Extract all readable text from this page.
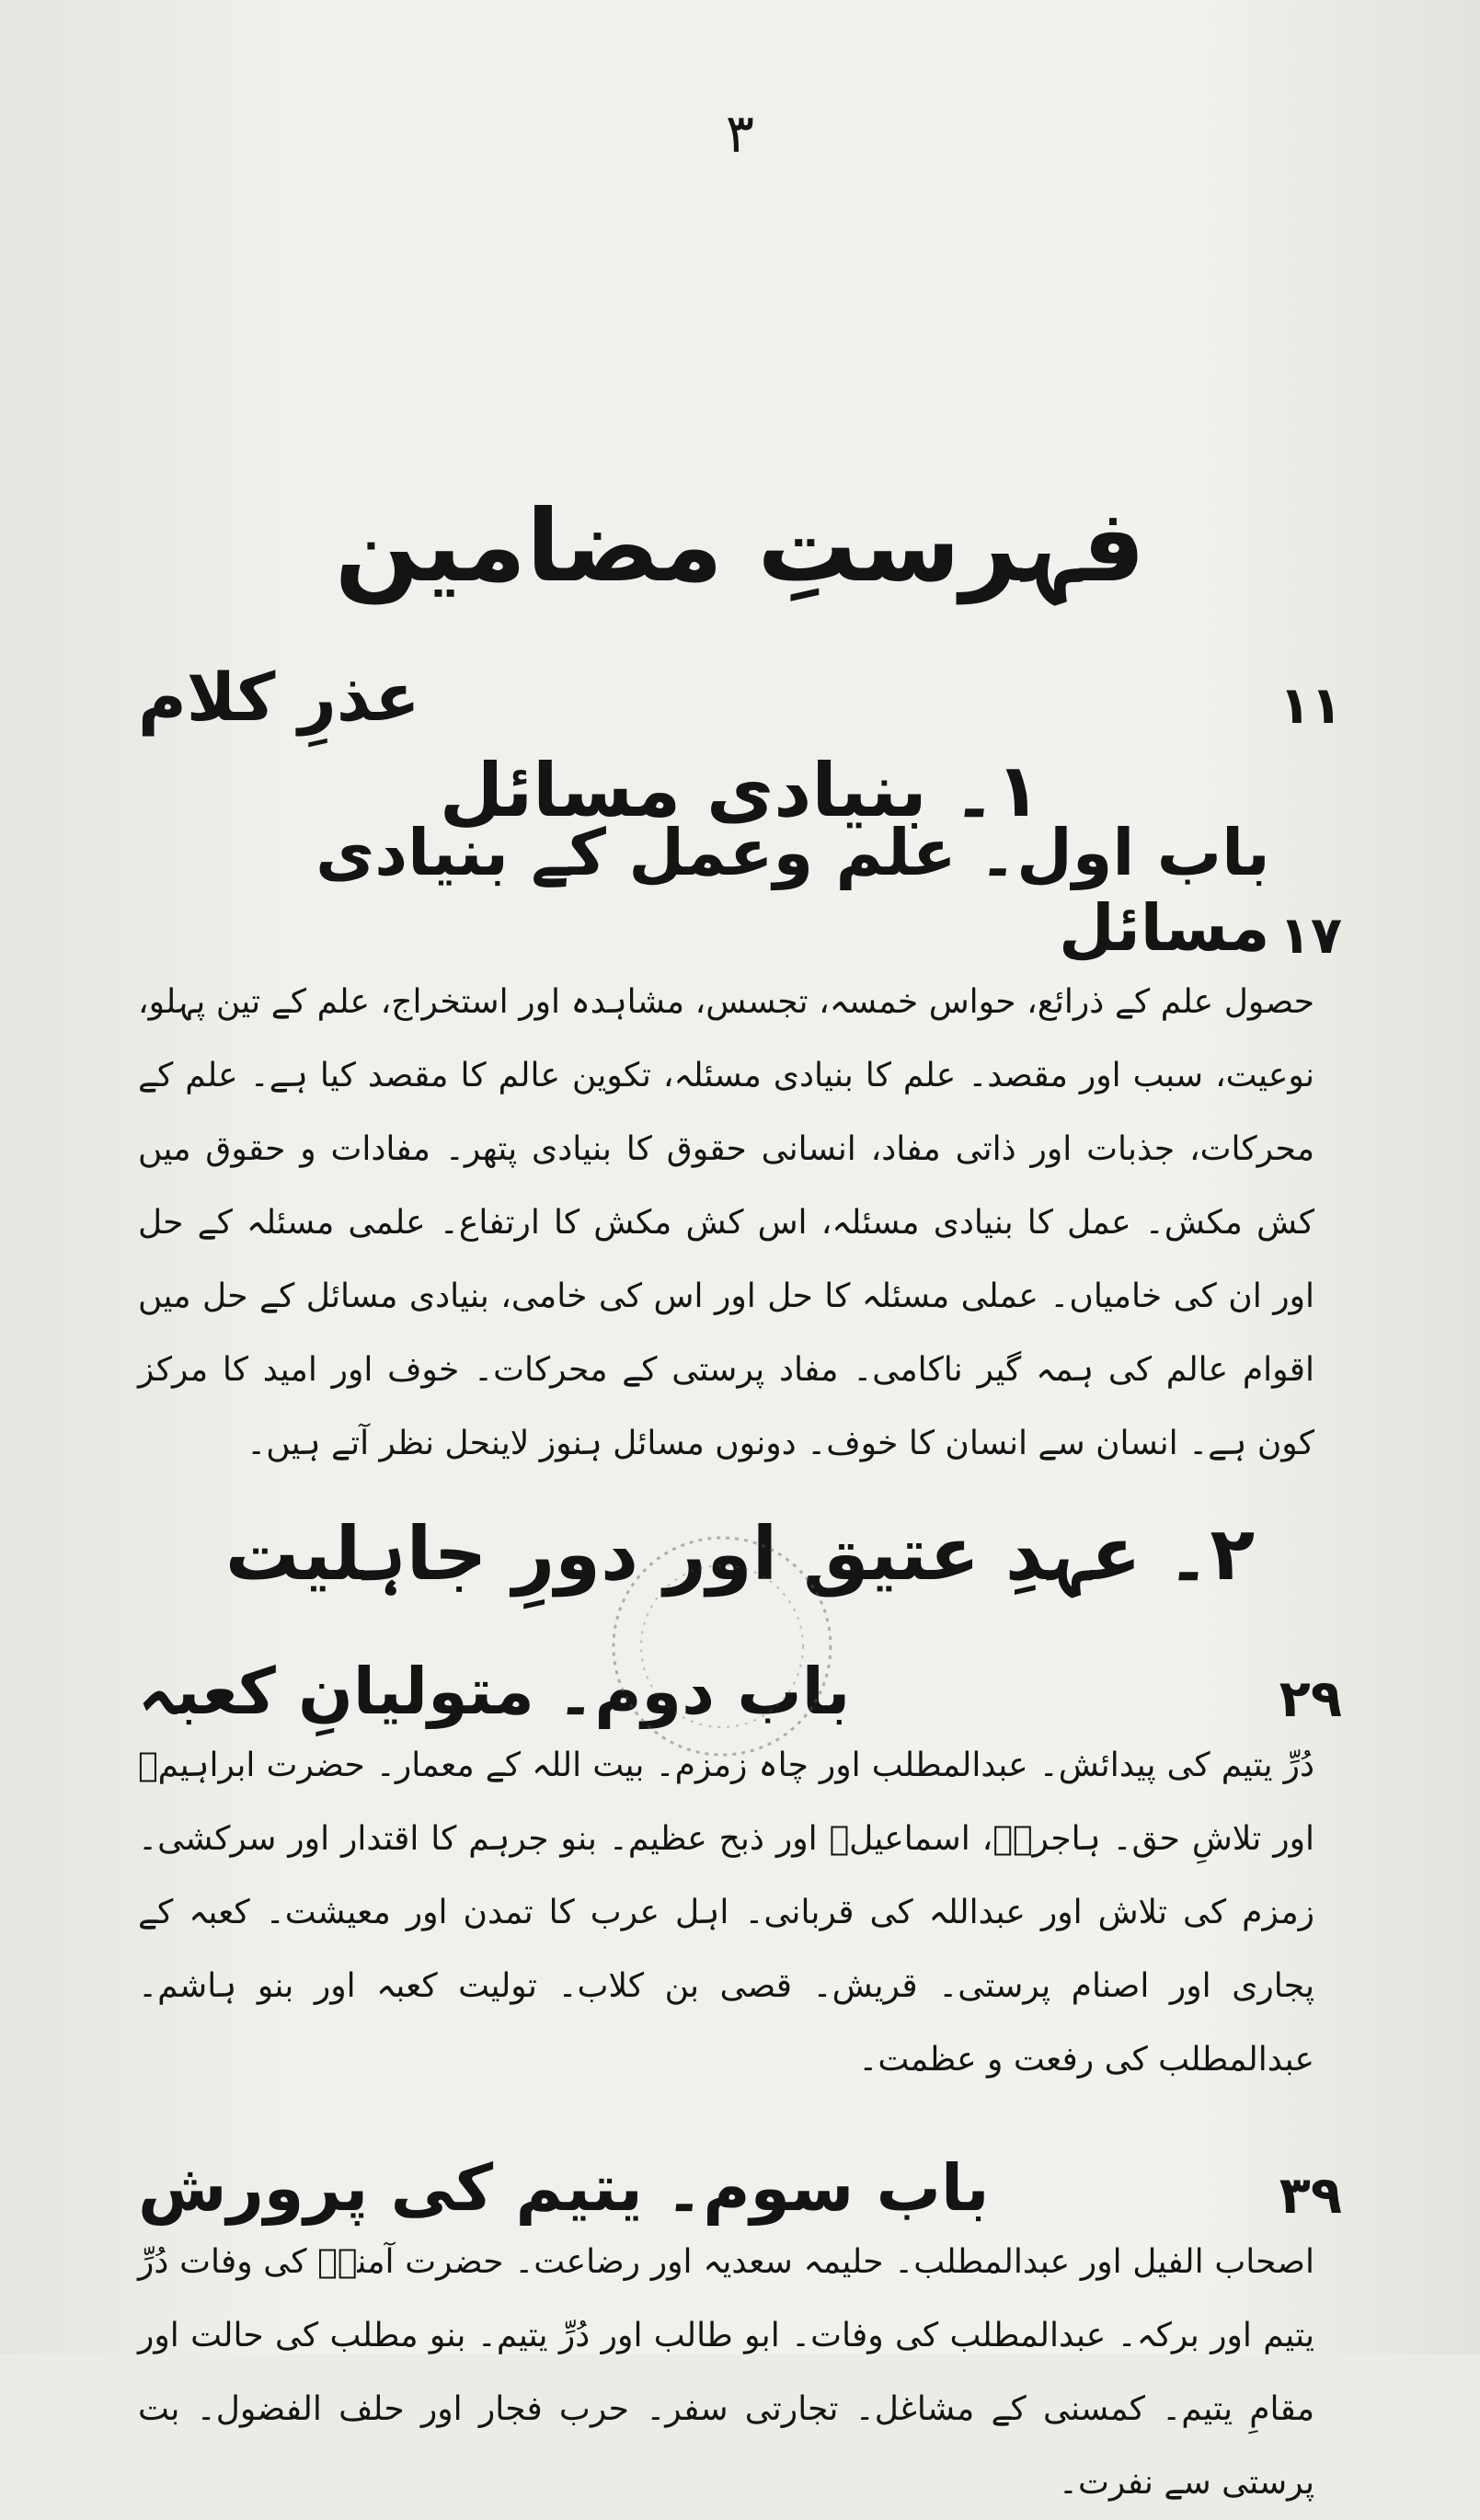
۳
فہرستِ مضامین
عذرِ کلام	۱۱
۱۔ بنیادی مسائل
باب اول۔ علم وعمل کے بنیادی مسائل ۱۷

حصول علم کے ذرائع، حواس خمسہ، تجسس، مشاہدہ اور استخراج، علم کے تین پہلو، نوعیت، سبب اور مقصد۔ علم کا بنیادی مسئلہ، تکوین عالم کا مقصد کیا ہے۔ علم کے محرکات، جذبات اور ذاتی مفاد، انسانی حقوق کا بنیادی پتھر۔ مفادات و حقوق میں کش مکش۔ عمل کا بنیادی مسئلہ، اس کش مکش کا ارتفاع۔ علمی مسئلہ کے حل اور ان کی خامیاں۔ عملی مسئلہ کا حل اور اس کی خامی، بنیادی مسائل کے حل میں اقوام عالم کی ہمہ گیر ناکامی۔ مفاد پرستی کے محرکات۔ خوف اور امید کا مرکز کون ہے۔ انسان سے انسان کا خوف۔ دونوں مسائل ہنوز لاینحل نظر آتے ہیں۔

۲۔ عہدِ عتیق اور دورِ جاہلیت
باب دوم۔ متولیانِ کعبہ	۲۹

دُرِّ یتیم کی پیدائش۔ عبدالمطلب اور چاہ زمزم۔ بیت اللہ کے معمار۔ حضرت ابراہیمؑ اور تلاشِ حق۔ ہاجرہؑ، اسماعیلؑ اور ذبح عظیم۔ بنو جرہم کا اقتدار اور سرکشی۔ زمزم کی تلاش اور عبداللہ کی قربانی۔ اہل عرب کا تمدن اور معیشت۔ کعبہ کے پجاری اور اصنام پرستی۔ قریش۔ قصی بن کلاب۔ تولیت کعبہ اور بنو ہاشم۔ عبدالمطلب کی رفعت و عظمت۔

باب سوم۔ یتیم کی پرورش	۳۹

اصحاب الفیل اور عبدالمطلب۔ حلیمہ سعدیہ اور رضاعت۔ حضرت آمنہؓ کی وفات دُرِّ یتیم اور برکہ۔ عبدالمطلب کی وفات۔ ابو طالب اور دُرِّ یتیم۔ بنو مطلب کی حالت اور مقامِ یتیم۔ کمسنی کے مشاغل۔ تجارتی سفر۔ حرب فجار اور حلف الفضول۔ بت پرستی سے نفرت۔
